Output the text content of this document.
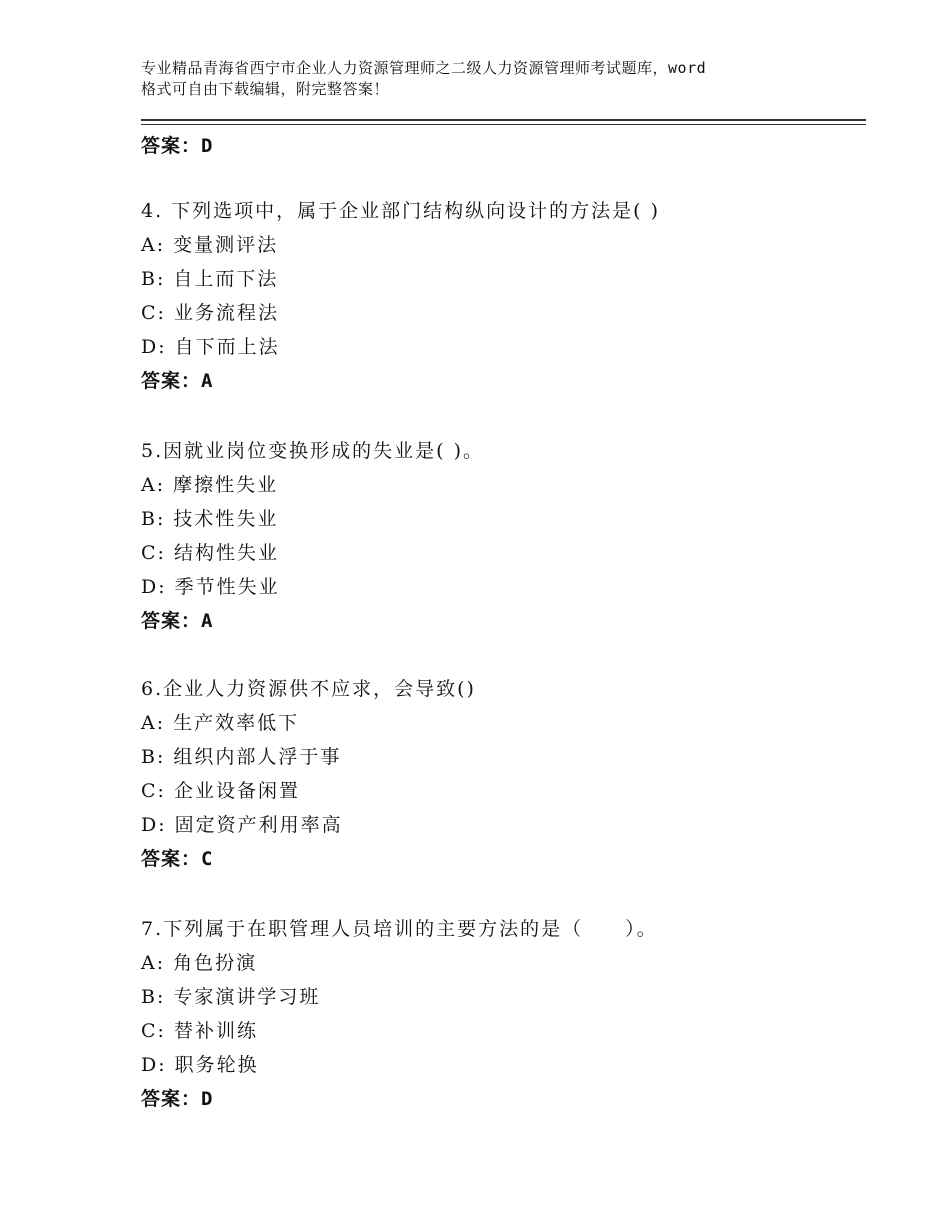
专业精品青海省西宁市企业人力资源管理师之二级人力资源管理师考试题库，word
格式可自由下载编辑，附完整答案！
答案：D
4. 下列选项中，属于企业部门结构纵向设计的方法是( )
A: 变量测评法
B: 自上而下法
C: 业务流程法
D: 自下而上法
答案：A
5.因就业岗位变换形成的失业是( )。
A: 摩擦性失业
B: 技术性失业
C: 结构性失业
D: 季节性失业
答案：A
6.企业人力资源供不应求，会导致()
A: 生产效率低下
B: 组织内部人浮于事
C: 企业设备闲置
D: 固定资产利用率高
答案：C
7.下列属于在职管理人员培训的主要方法的是（　　）。
A: 角色扮演
B: 专家演讲学习班
C: 替补训练
D: 职务轮换
答案：D
